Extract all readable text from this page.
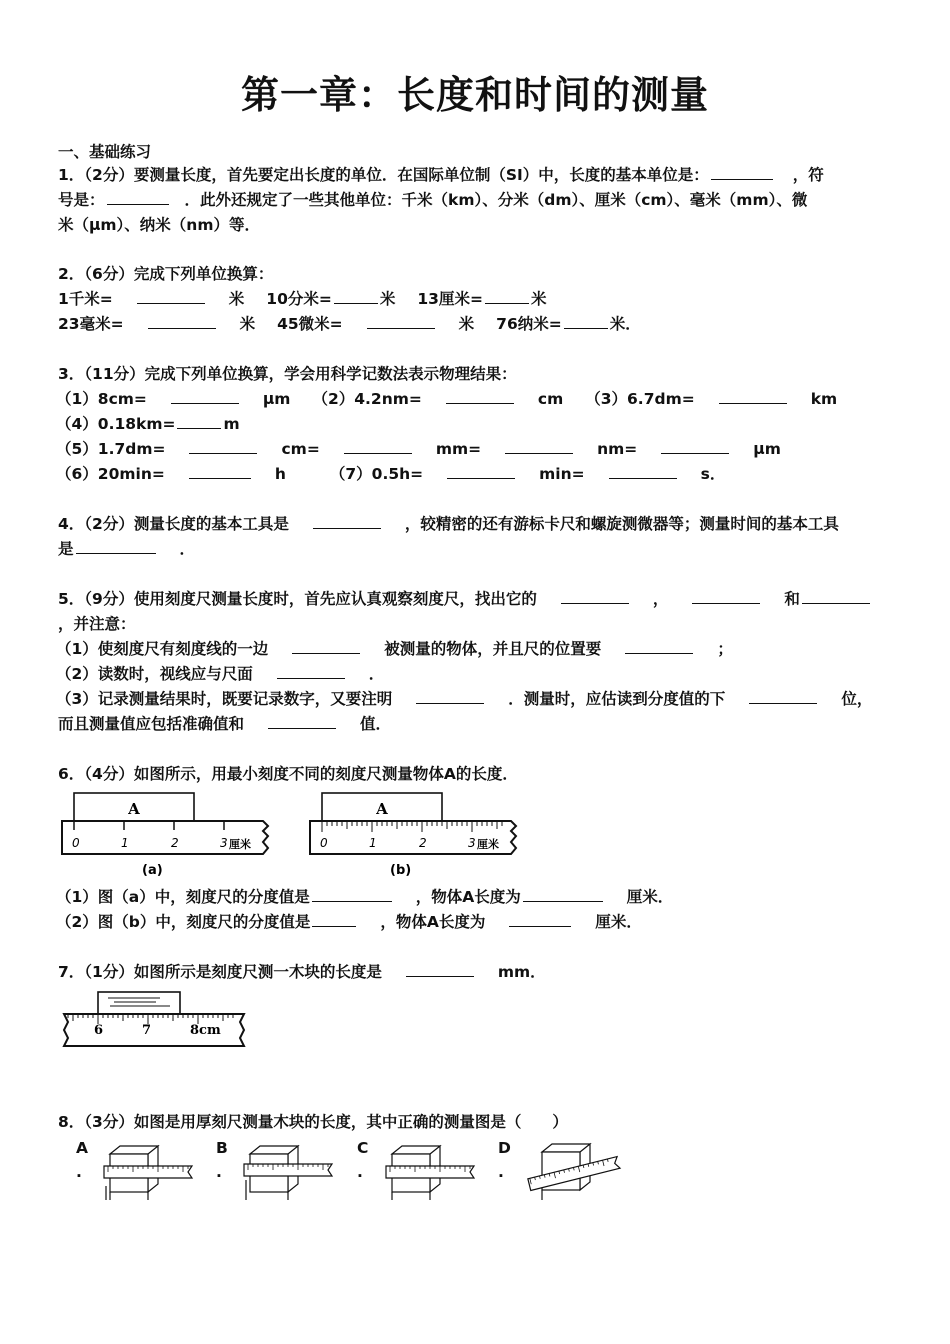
第一章：长度和时间的测量
一、基础练习
1．（2分）要测量长度，首先要定出长度的单位．在国际单位制（SI）中，长度的基本单位是：	，符
号是：	．此外还规定了一些其他单位：千米（km）、分米（dm）、厘米（cm）、毫米（mm）、微
米（μm）、纳米（nm）等．
2．（6分）完成下列单位换算：
1千米=	米 10分米=	米 13厘米=	米
23毫米=	米 45微米=	米 76纳米=	米．
3．（11分）完成下列单位换算，学会用科学记数法表示物理结果：
（1）8cm=	μm （2）4.2nm=	cm （3）6.7dm=	km
（4）0.18km=	m
（5）1.7dm=	cm=	mm=	nm=	μm
（6）20min=	h	（7）0.5h=	min=	s．
4．（2分）测量长度的基本工具是	，较精密的还有游标卡尺和螺旋测微器等；测量时间的基本工具
是	．
5．（9分）使用刻度尺测量长度时，首先应认真观察刻度尺，找出它的	，	和
，并注意：
（1）使刻度尺有刻度线的一边	被测量的物体，并且尺的位置要	；
（2）读数时，视线应与尺面	．
（3）记录测量结果时，既要记录数字，又要注明	．测量时，应估读到分度值的下	位，
而且测量值应包括准确值和	值．
6．（4分）如图所示，用最小刻度不同的刻度尺测量物体A的长度．
A
0	1	2	3 厘米
(a)
A
0	1	2	3 厘米
(b)
（1）图（a）中，刻度尺的分度值是	，物体A长度为	厘米．
（2）图（b）中，刻度尺的分度值是	，物体A长度为	厘米．
7．（1分）如图所示是刻度尺测一木块的长度是	mm．
6	7	8cm
8．（3分）如图是用厚刻尺测量木块的长度，其中正确的测量图是（　　）
A
.
B
.
C
.
D
.
